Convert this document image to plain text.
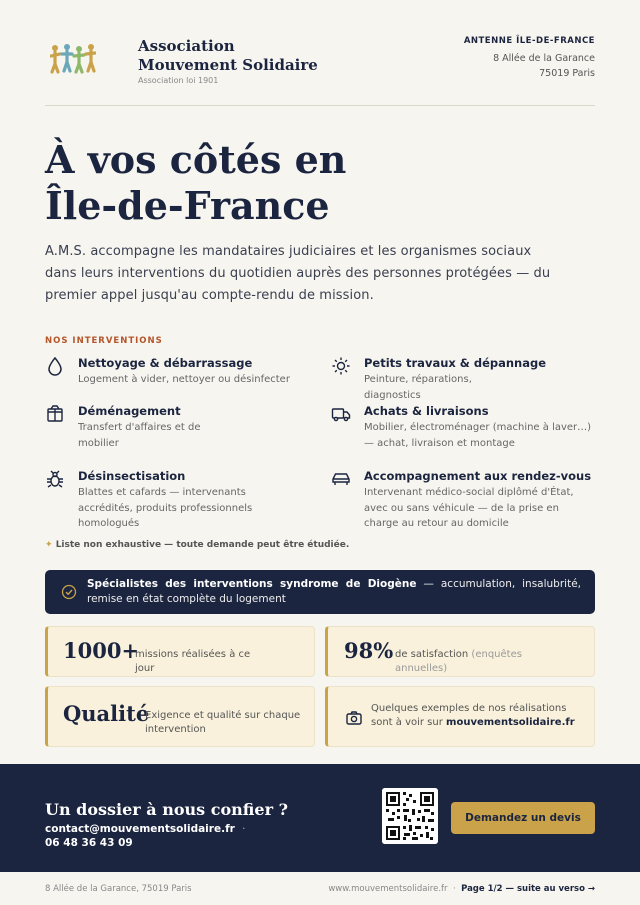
Association
Mouvement Solidaire
Association loi 1901
ANTENNE ÎLE-DE-FRANCE
8 Allée de la Garance
75019 Paris
À vos côtés en
Île-de-France
A.M.S. accompagne les mandataires judiciaires et les organismes sociaux dans leurs interventions du quotidien auprès des personnes protégées — du premier appel jusqu'au compte-rendu de mission.
NOS INTERVENTIONS
Nettoyage & débarrassage
Logement à vider, nettoyer ou désinfecter
Petits travaux & dépannage
Peinture, réparations, diagnostics
Déménagement
Transfert d'affaires et de mobilier
Achats & livraisons
Mobilier, électroménager (machine à laver…) — achat, livraison et montage
Désinsectisation
Blattes et cafards — intervenants accrédités, produits professionnels homologués
Accompagnement aux rendez-vous
Intervenant médico-social diplômé d'État, avec ou sans véhicule — de la prise en charge au retour au domicile
✦ Liste non exhaustive — toute demande peut être étudiée.
Spécialistes des interventions syndrome de Diogène — accumulation, insalubrité, remise en état complète du logement
1000+
missions réalisées à ce jour
98% de satisfaction (enquêtes annuelles)
Qualité
Exigence et qualité sur chaque intervention
Quelques exemples de nos réalisations sont à voir sur mouvementsolidaire.fr
Un dossier à nous confier ?
contact@mouvementsolidaire.fr ·
06 48 36 43 09
Demandez un devis
8 Allée de la Garance, 75019 Paris	www.mouvementsolidaire.fr · Page 1/2 — suite au verso →
